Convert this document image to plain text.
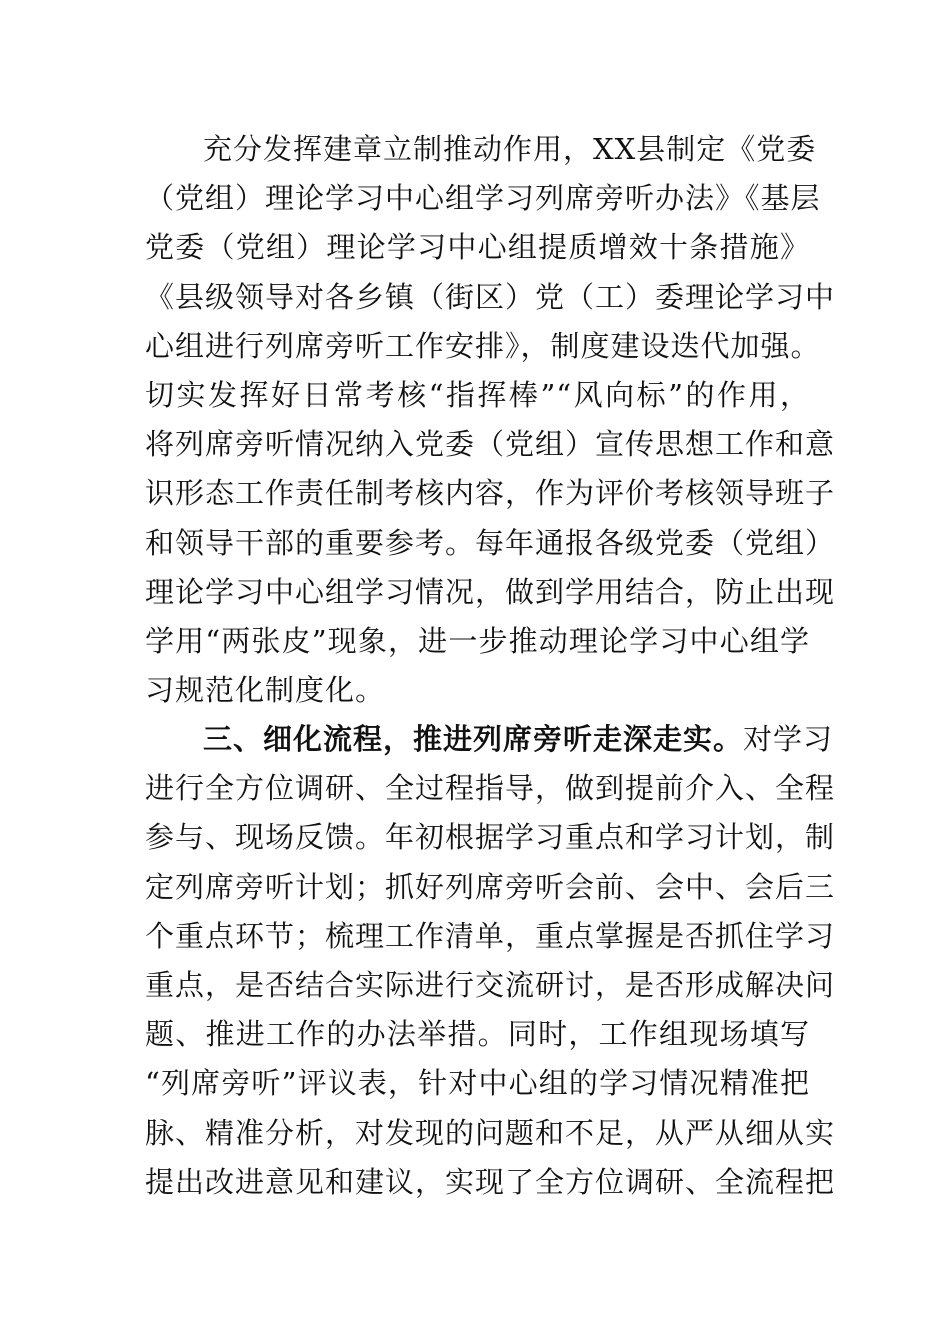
充分发挥建章立制推动作用，XX县制定《党委
（党组）理论学习中心组学习列席旁听办法》《基层
党委（党组）理论学习中心组提质增效十条措施》
《县级领导对各乡镇（街区）党（工）委理论学习中
心组进行列席旁听工作安排》，制度建设迭代加强。
切实发挥好日常考核“指挥棒”“风向标”的作用，
将列席旁听情况纳入党委（党组）宣传思想工作和意
识形态工作责任制考核内容，作为评价考核领导班子
和领导干部的重要参考。每年通报各级党委（党组）
理论学习中心组学习情况，做到学用结合，防止出现
学用“两张皮”现象，进一步推动理论学习中心组学
习规范化制度化。
三、细化流程，推进列席旁听走深走实。对学习
进行全方位调研、全过程指导，做到提前介入、全程
参与、现场反馈。年初根据学习重点和学习计划，制
定列席旁听计划；抓好列席旁听会前、会中、会后三
个重点环节；梳理工作清单，重点掌握是否抓住学习
重点，是否结合实际进行交流研讨，是否形成解决问
题、推进工作的办法举措。同时，工作组现场填写
“列席旁听”评议表，针对中心组的学习情况精准把
脉、精准分析，对发现的问题和不足，从严从细从实
提出改进意见和建议，实现了全方位调研、全流程把
